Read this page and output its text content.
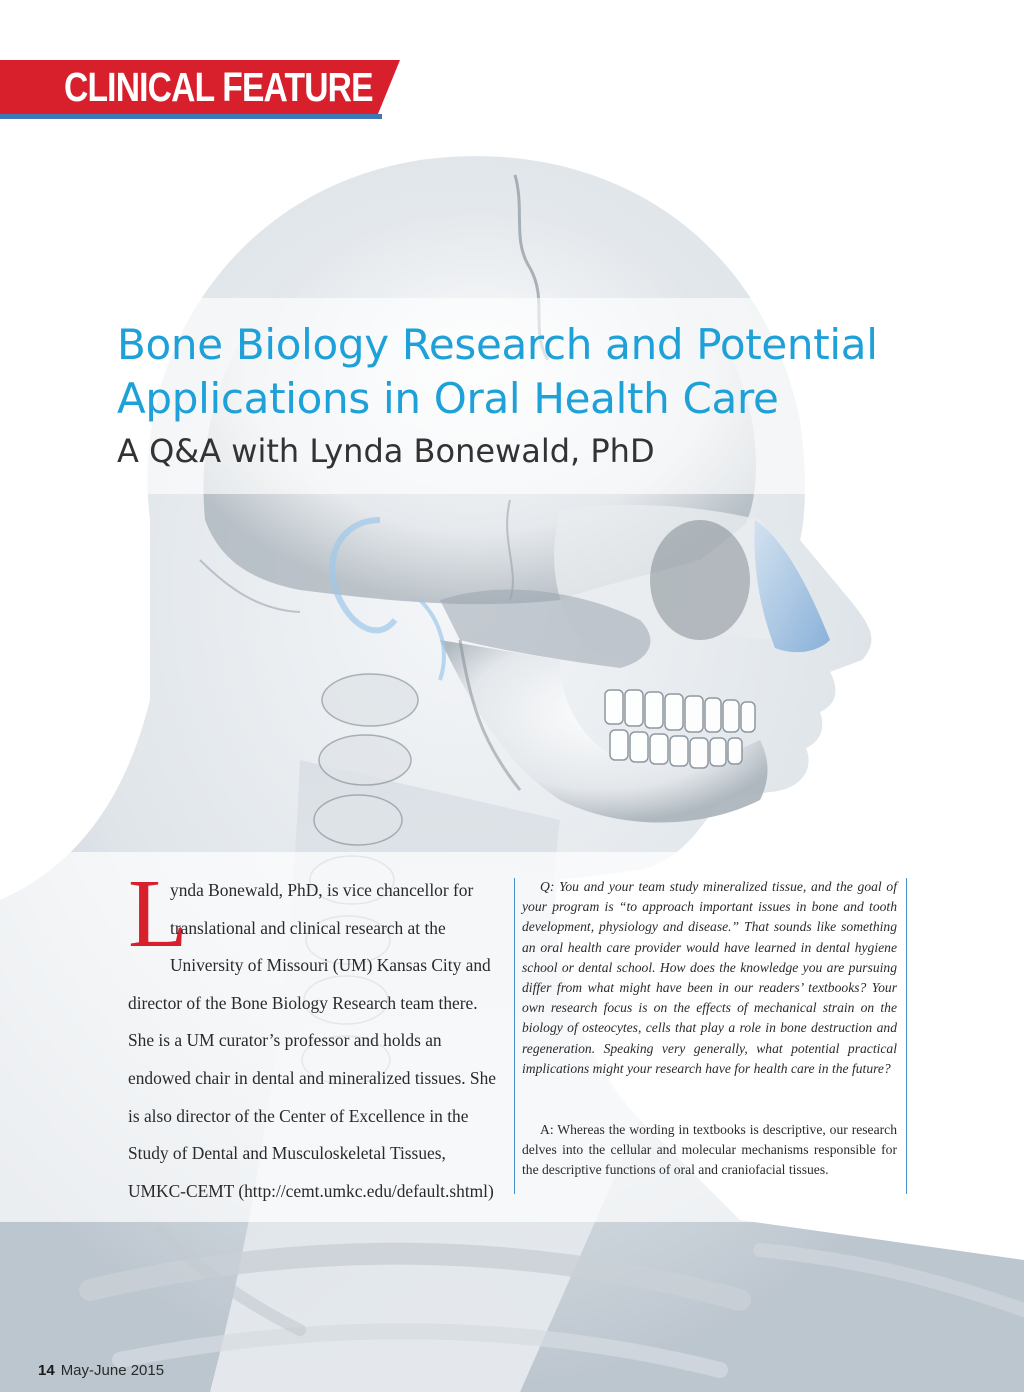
CLINICAL FEATURE
Bone Biology Research and Potential
Applications in Oral Health Care
A Q&A with Lynda Bonewald, PhD
L
ynda Bonewald, PhD, is vice chancellor for translational and clinical research at the University of Missouri (UM) Kansas City and director of the Bone Biology Research team there. She is a UM curator’s professor and holds an endowed chair in dental and mineralized tissues. She is also director of the Center of Excellence in the Study of Dental and Musculoskeletal Tissues, UMKC-CEMT (http://cemt.umkc.edu/default.shtml)
Q: You and your team study mineralized tissue, and the goal of your program is “to approach important issues in bone and tooth development, physiology and disease.” That sounds like something an oral health care provider would have learned in dental hygiene school or dental school. How does the knowledge you are pursuing differ from what might have been in our readers’ textbooks? Your own research focus is on the effects of mechanical strain on the biology of osteocytes, cells that play a role in bone destruction and regeneration. Speaking very generally, what potential practical implications might your research have for health care in the future?
A: Whereas the wording in textbooks is descriptive, our research delves into the cellular and molecular mechanisms responsible for the descriptive functions of oral and craniofacial tissues.
14 May-June 2015
